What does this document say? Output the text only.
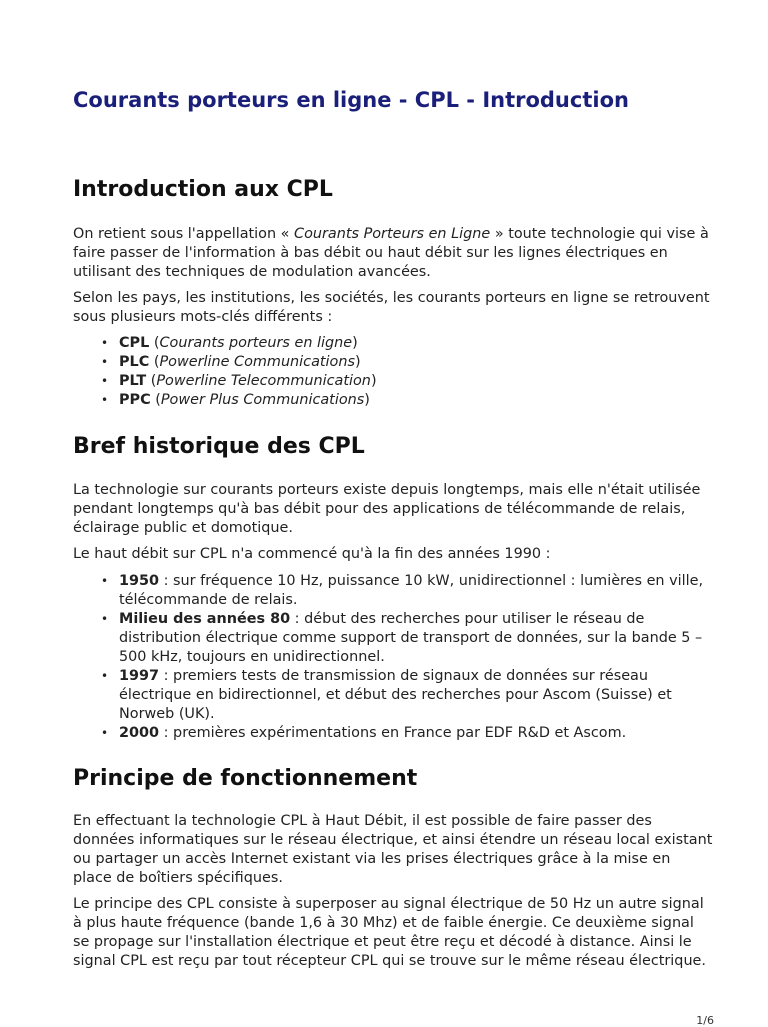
Courants porteurs en ligne - CPL - Introduction
Introduction aux CPL

On retient sous l'appellation « Courants Porteurs en Ligne » toute technologie qui vise à faire passer de l'information à bas débit ou haut débit sur les lignes électriques en utilisant des techniques de modulation avancées.

Selon les pays, les institutions, les sociétés, les courants porteurs en ligne se retrouvent sous plusieurs mots-clés différents :

• CPL (Courants porteurs en ligne)
• PLC (Powerline Communications)
• PLT (Powerline Telecommunication)
• PPC (Power Plus Communications)
Bref historique des CPL

La technologie sur courants porteurs existe depuis longtemps, mais elle n'était utilisée pendant longtemps qu'à bas débit pour des applications de télécommande de relais, éclairage public et domotique.

Le haut débit sur CPL n'a commencé qu'à la fin des années 1990 :

• 1950 : sur fréquence 10 Hz, puissance 10 kW, unidirectionnel : lumières en ville, télécommande de relais.
• Milieu des années 80 : début des recherches pour utiliser le réseau de distribution électrique comme support de transport de données, sur la bande 5 – 500 kHz, toujours en unidirectionnel.
• 1997 : premiers tests de transmission de signaux de données sur réseau électrique en bidirectionnel, et début des recherches pour Ascom (Suisse) et Norweb (UK).
• 2000 : premières expérimentations en France par EDF R&D et Ascom.
Principe de fonctionnement

En effectuant la technologie CPL à Haut Débit, il est possible de faire passer des données informatiques sur le réseau électrique, et ainsi étendre un réseau local existant ou partager un accès Internet existant via les prises électriques grâce à la mise en place de boîtiers spécifiques.

Le principe des CPL consiste à superposer au signal électrique de 50 Hz un autre signal à plus haute fréquence (bande 1,6 à 30 Mhz) et de faible énergie. Ce deuxième signal se propage sur l'installation électrique et peut être reçu et décodé à distance. Ainsi le signal CPL est reçu par tout récepteur CPL qui se trouve sur le même réseau électrique.

1/6
